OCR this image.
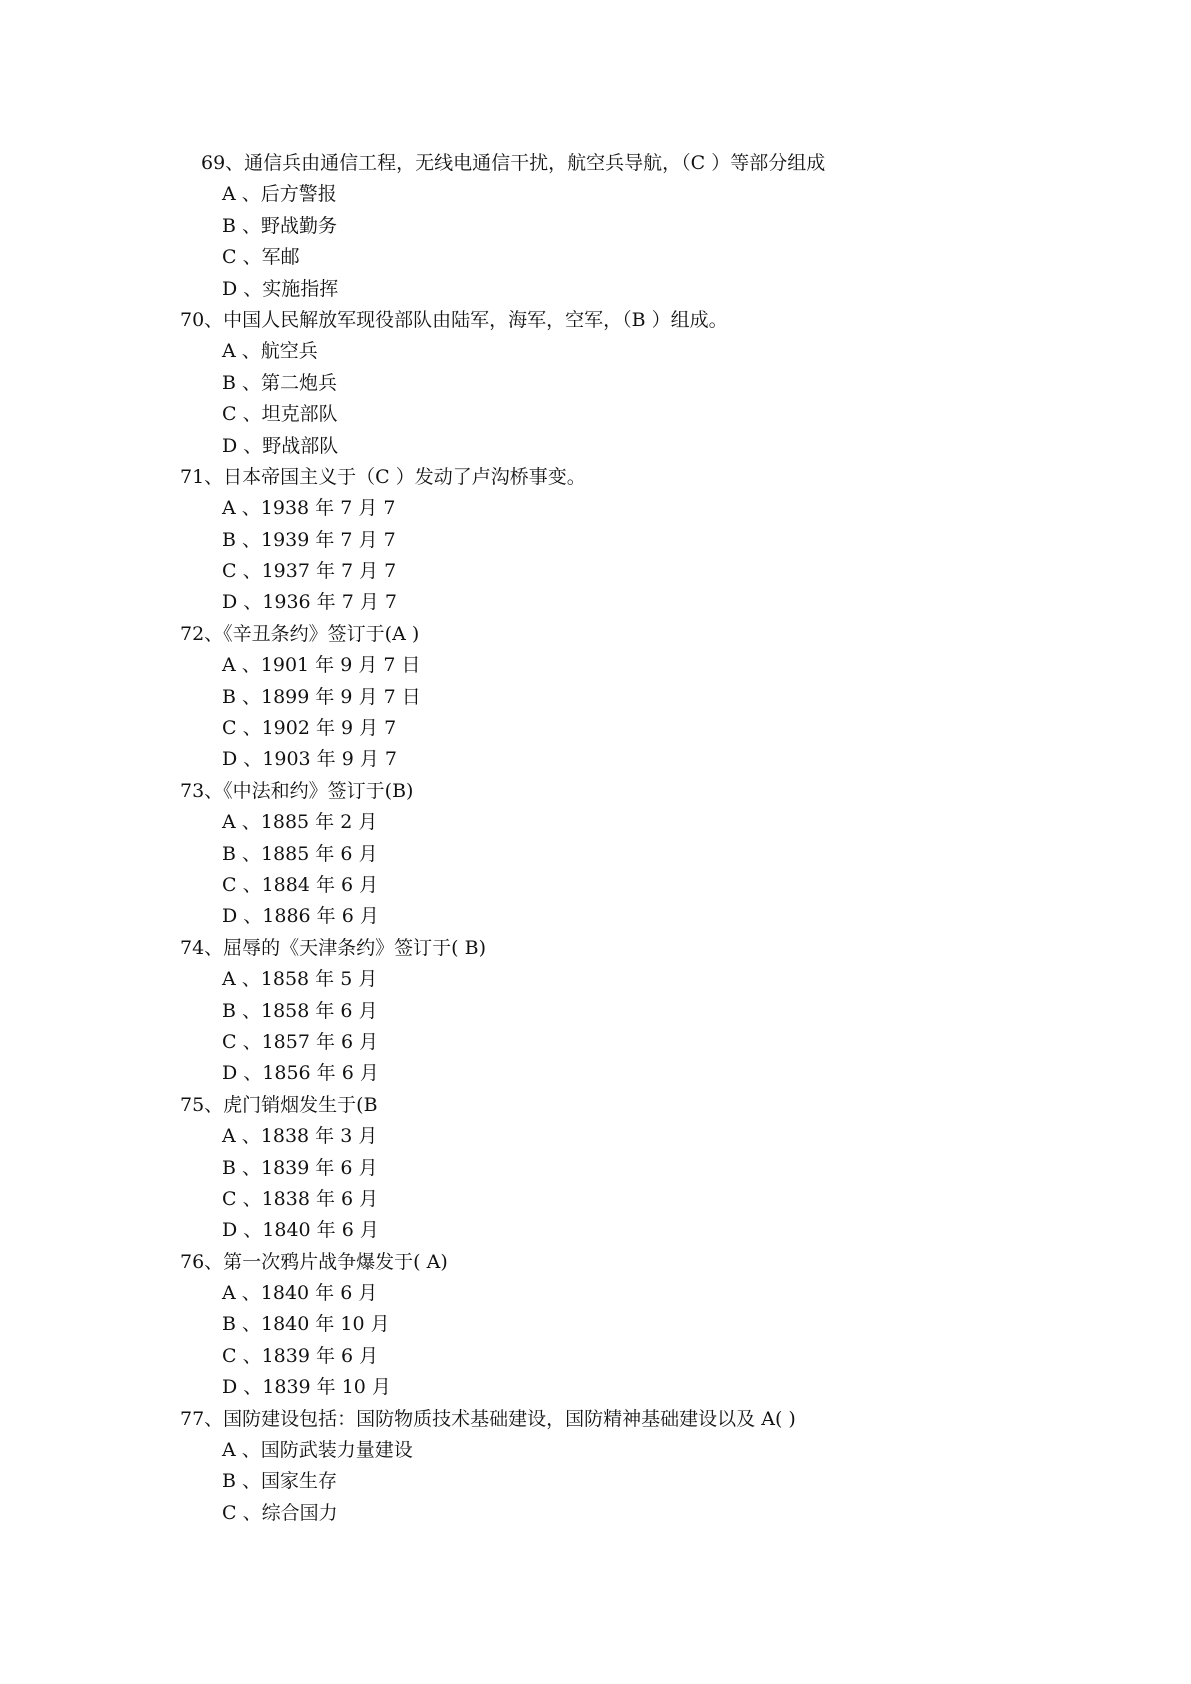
69、通信兵由通信工程，无线电通信干扰，航空兵导航，（C ）等部分组成
A 、后方警报
B 、野战勤务
C 、军邮
D 、实施指挥
70、中国人民解放军现役部队由陆军，海军，空军，（B ）组成。
A 、航空兵
B 、第二炮兵
C 、坦克部队
D 、野战部队
71、日本帝国主义于（C ）发动了卢沟桥事变。
A 、1938 年 7 月 7
B 、1939 年 7 月 7
C 、1937 年 7 月 7
D 、1936 年 7 月 7
72、《辛丑条约》签订于(A )
A 、1901 年 9 月 7 日
B 、1899 年 9 月 7 日
C 、1902 年 9 月 7
D 、1903 年 9 月 7
73、《中法和约》签订于(B)
A 、1885 年 2 月
B 、1885 年 6 月
C 、1884 年 6 月
D 、1886 年 6 月
74、屈辱的《天津条约》签订于( B)
A 、1858 年 5 月
B 、1858 年 6 月
C 、1857 年 6 月
D 、1856 年 6 月
75、虎门销烟发生于(B
A 、1838 年 3 月
B 、1839 年 6 月
C 、1838 年 6 月
D 、1840 年 6 月
76、第一次鸦片战争爆发于( A)
A 、1840 年 6 月
B 、1840 年 10 月
C 、1839 年 6 月
D 、1839 年 10 月
77、国防建设包括：国防物质技术基础建设，国防精神基础建设以及 A( )
A 、国防武装力量建设
B 、国家生存
C 、综合国力
